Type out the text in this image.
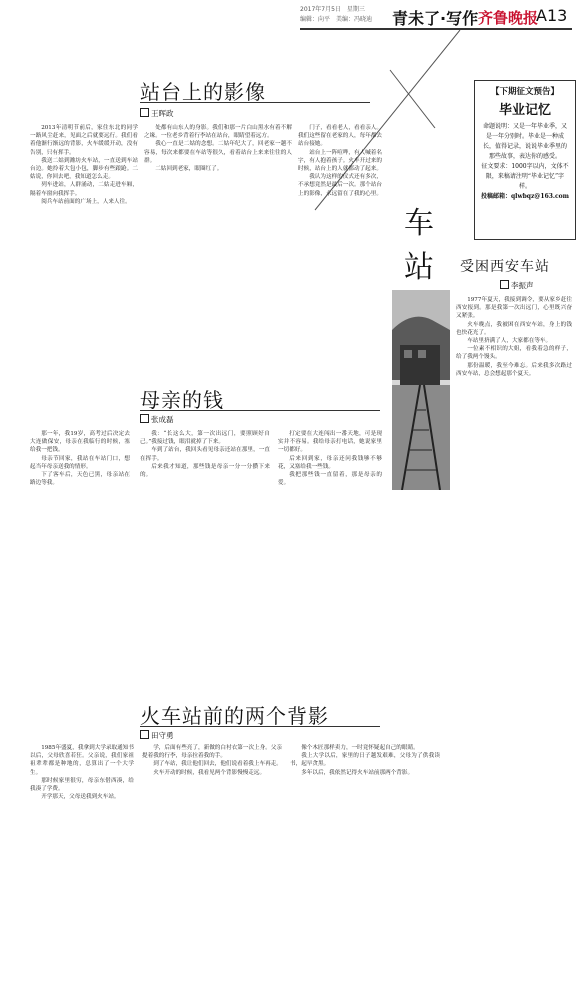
2017年7月5日　星期三
编辑：向平　美编：冯晓迪 青未了·写作 齐鲁晚报
A13
站台上的影像
王晖政

2013年清明节前后，家住东北的同学一路风尘赶来，见面之后就要远行。我们看着他渐行渐远的背影，火车缓缓开动，没有告别，只有挥手。

我送二姑到潍坊火车站，一直送到车站台边。她拎着大包小包，脚步有些踉跄。二姑说，你回去吧，我知道怎么走。

列车进站，人群涌动，二姑走进车厢，隔着车窗向我挥手。

阅兵车站前面的广场上，人来人往。

处都有山东人的身影。我们和那一片白山黑水有着不解之缘。一位老乡背着行李站在站台，眼睛望着远方。

我心一直是二姑的念想。二姑年纪大了，回老家一趟不容易，每次来都要在车站等很久，看着站台上来来往往的人群。

二姑回到老家，眼圈红了。

门子，看看老人，看看亲人。我们这些留在老家的人，每年都去站台接她。

站台上一阵喧哗，有人喊着名字，有人抱着孩子。火车开过来的时候，站台上的人就都动了起来。

我认为这样的仪式还有多次，不承想竟然是最后一次。那个站台上的影像，永远留在了我的心里。

【下期征文预告】
毕业记忆
命题说明：又是一年毕业季，又是一年分别时。毕业是一种成长，值得记录，说说毕业季里的那些故事，表达你的感受。
征文要求：1000字以内，文体不限，来稿请注明“毕业记忆”字样。
投稿邮箱：qlwbqz@163.com
车
站 受困西安车站
李振声

1977年夏天，我接到调令，要从家乡赶往西安报到。那是我第一次出远门，心里既兴奋又紧张。

火车晚点，我被困在西安车站，身上的钱也快花光了。

车站里挤满了人，大家都在等车。

一位素不相识的大姐，看我着急的样子，给了我两个馒头。

那份温暖，我至今难忘。后来我多次路过西安车站，总会想起那个夏天。

母亲的钱
张成磊

那一年，我19岁，高考过后决定去大连做保安，母亲在我临行的时候，塞给我一把钱。

母亲节回家，我站在车站门口，想起当年母亲送我的情形。

下了客车后，天色已黑，母亲站在路边等我。

我：“长这么大，第一次出远门，要照顾好自己。”我接过钱，眼泪就掉了下来。

车到了站台，我回头看见母亲还站在那里，一直在挥手。

后来我才知道，那些钱是母亲一分一分攒下来的。

打定要在大连闯出一番天地，可是现实并不容易。我给母亲打电话，她说家里一切都好。

后来回到家，母亲还问我钱够不够花，又塞给我一些钱。

我把那些钱一直留着，那是母亲的爱。

火车站前的两个背影
田守勇

1985年盛夏，我拿到大学录取通知书以后，父母欣喜若狂。父亲说，我们家祖祖辈辈都是种地的，总算出了一个大学生。

那时候家里很穷，母亲东借西凑，给我凑了学费。

开学那天，父母送我到火车站。

学，后面有些亮了，新做的白衬衣第一次上身。父亲提着我的行李，母亲拉着我的手。

到了车站，我让他们回去，他们说看着我上车再走。

火车开动的时候，我看见两个背影慢慢走远。

像个木匠那样卖力，一时竟怀疑起自己的眼睛。

我上大学以后，家里的日子越发艰难，父母为了供我读书，起早贪黑。

多年以后，我依然记得火车站前那两个背影。
